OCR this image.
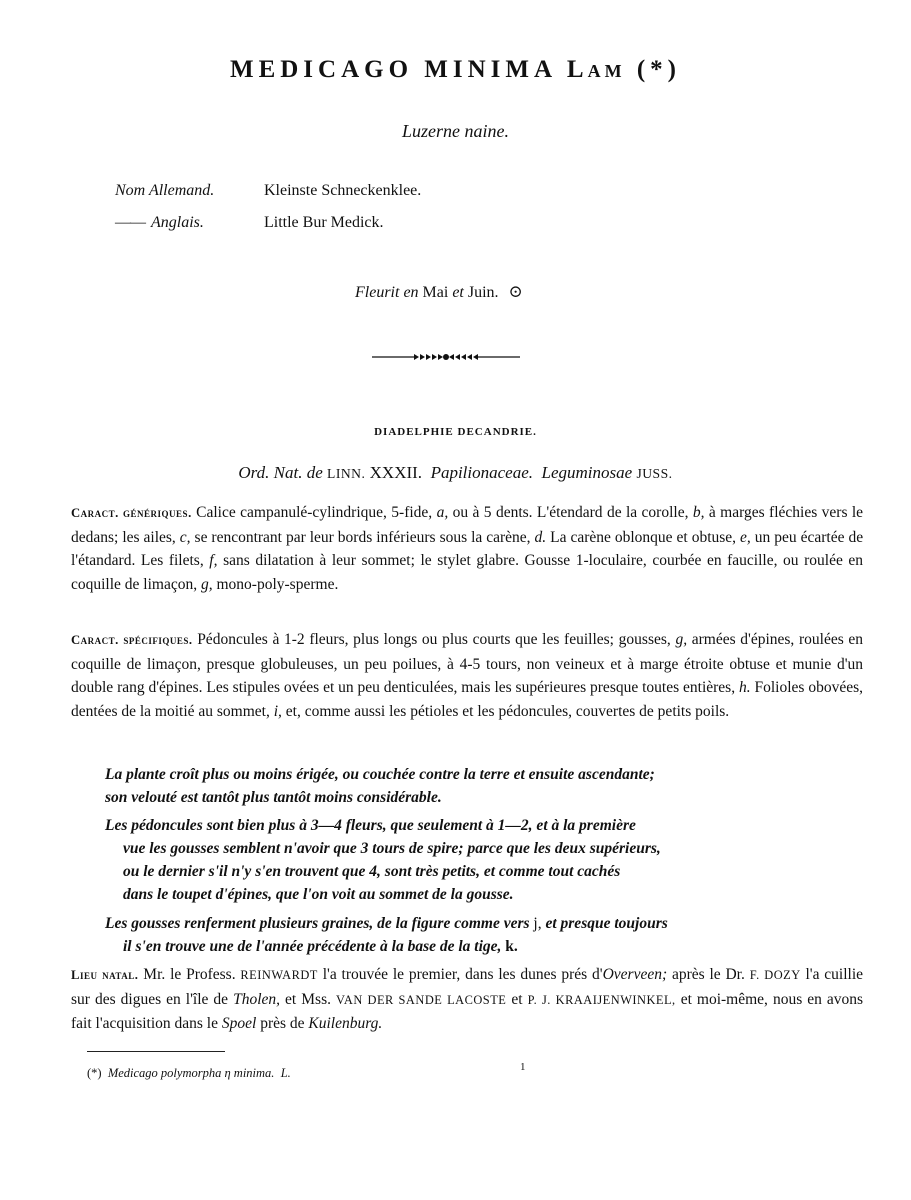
MEDICAGO MINIMA Lam (*)
Luzerne naine.
Nom Allemand.	Kleinste Schneckenklee.
—— Anglais.	Little Bur Medick.
Fleurit en Mai et Juin. ⊙
DIADELPHIE DECANDRIE.
Ord. Nat. de LINN. XXXII. Papilionaceae. Leguminosae JUSS.
Caract. génériques. Calice campanulé-cylindrique, 5-fide, a, ou à 5 dents. L'étendard de la corolle, b, à marges fléchies vers le dedans; les ailes, c, se rencontrant par leur bords inférieurs sous la carène, d. La carène oblonque et obtuse, e, un peu écartée de l'étandard. Les filets, f, sans dilatation à leur sommet; le stylet glabre. Gousse 1-loculaire, courbée en faucille, ou roulée en coquille de limaçon, g, mono-poly-sperme.
Caract. spécifiques. Pédoncules à 1-2 fleurs, plus longs ou plus courts que les feuilles; gousses, g, armées d'épines, roulées en coquille de limaçon, presque globuleuses, un peu poilues, à 4-5 tours, non veineux et à marge étroite obtuse et munie d'un double rang d'épines. Les stipules ovées et un peu denticulées, mais les supérieures presque toutes entières, h. Folioles obovées, dentées de la moitié au sommet, i, et, comme aussi les pétioles et les pédoncules, couvertes de petits poils.
La plante croît plus ou moins érigée, ou couchée contre la terre et ensuite ascendante;
son velouté est tantôt plus tantôt moins considérable.
Les pédoncules sont bien plus à 3—4 fleurs, que seulement à 1—2, et à la première
vue les gousses semblent n'avoir que 3 tours de spire; parce que les deux supérieurs,
ou le dernier s'il n'y s'en trouvent que 4, sont très petits, et comme tout cachés
dans le toupet d'épines, que l'on voit au sommet de la gousse.
Les gousses renferment plusieurs graines, de la figure comme vers j, et presque toujours
il s'en trouve une de l'année précédente à la base de la tige, k.
Lieu natal. Mr. le Profess. REINWARDT l'a trouvée le premier, dans les dunes prés d'Overveen; après le Dr. F. DOZY l'a cuillie sur des digues en l'île de Tholen, et Mss. VAN DER SANDE LACOSTE et P. J. KRAAIJENWINKEL, et moi-même, nous en avons fait l'acquisition dans le Spoel près de Kuilenburg.
1
(*) Medicago polymorpha η minima. L.
